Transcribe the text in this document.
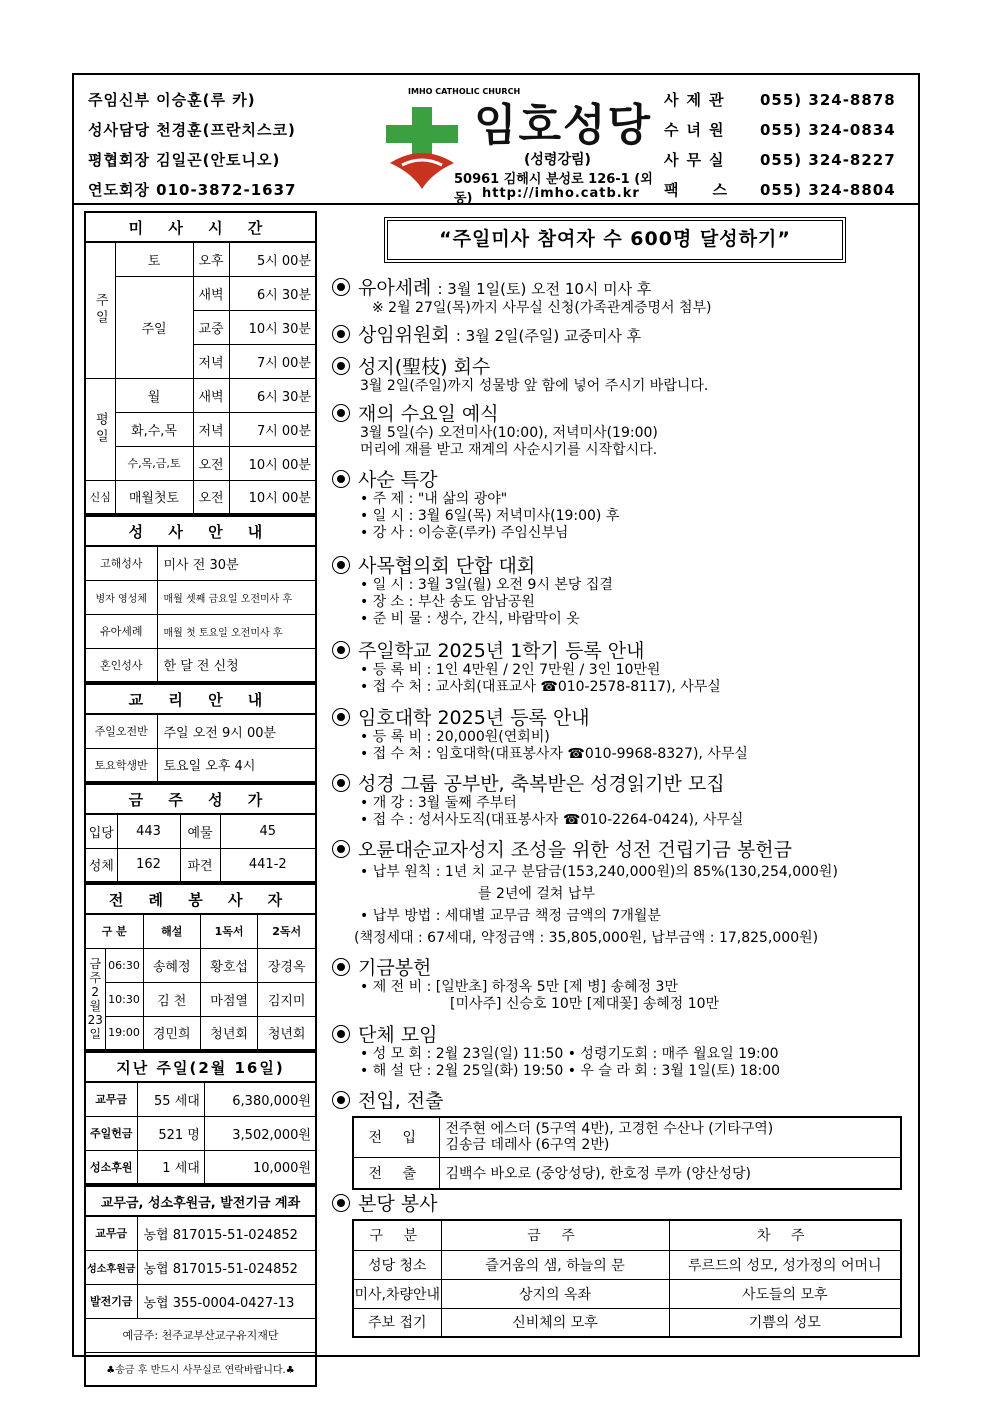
주임신부 이승훈(루 카)
성사담당 천경훈(프란치스코)
평협회장 김일곤(안토니오)
연도회장 010-3872-1637
IMHO CATHOLIC CHURCH
임호성당
(성령강림)
50961 김해시 분성로 126-1 (외동) http://imho.catb.kr
사제관	055) 324-8878
수녀원	055) 324-0834
사무실	055) 324-8227
팩스 055) 324-8804
미 사 시 간			
주일	토	오후	5시 00분
	주일	새벽	6시 30분
		교중	10시 30분
		저녁	7시 00분
평일	월	새벽	6시 30분
	화,수,목	저녁	7시 00분
	수,목,금,토	오전	10시 00분
신심	매월첫토	오전	10시 00분
성 사 안 내	
고해성사	미사 전 30분
병자 영성체	매월 셋째 금요일 오전미사 후
유아세례	매월 첫 토요일 오전미사 후
혼인성사	한 달 전 신청
교 리 안 내	
주일오전반	주일 오전 9시 00분
토요학생반	토요일 오후 4시
금 주 성 가			
입당	443	예물	45
성체	162	파견	441-2
전 례 봉 사 자				
구 분		해설	1독서	2독서
금주 2월 23일	06:30	송혜정	황호섭	장경옥
	10:30	김 천	마점열	김지미
	19:00	경민희	청년회	청년회
지난 주일(2월 16일)		
교무금	55 세대	6,380,000원
주일헌금	521 명	3,502,000원
성소후원	1 세대	10,000원
교무금, 성소후원금, 발전기금 계좌	
교무금	농협 817015-51-024852
성소후원금	농협 817015-51-024852
발전기금	농협 355-0004-0427-13
예금주: 천주교부산교구유지재단	
♣송금 후 반드시 사무실로 연락바랍니다.♣	
“주일미사 참여자 수 600명 달성하기”
유아세례 : 3월 1일(토) 오전 10시 미사 후
※ 2월 27일(목)까지 사무실 신청(가족관계증명서 첨부)
상임위원회 : 3월 2일(주일) 교중미사 후
성지(聖枝) 회수
3월 2일(주일)까지 성물방 앞 함에 넣어 주시기 바랍니다.
재의 수요일 예식
3월 5일(수) 오전미사(10:00), 저녁미사(19:00)
머리에 재를 받고 재계의 사순시기를 시작합시다.
사순 특강
• 주 제 : "내 삶의 광야"
• 일 시 : 3월 6일(목) 저녁미사(19:00) 후
• 강 사 : 이승훈(루카) 주임신부님
사목협의회 단합 대회
• 일 시 : 3월 3일(월) 오전 9시 본당 집결
• 장 소 : 부산 송도 암남공원
• 준 비 물 : 생수, 간식, 바람막이 옷
주일학교 2025년 1학기 등록 안내
• 등 록 비 : 1인 4만원 / 2인 7만원 / 3인 10만원
• 접 수 처 : 교사회(대표교사 ☎010-2578-8117), 사무실
임호대학 2025년 등록 안내
• 등 록 비 : 20,000원(연회비)
• 접 수 처 : 임호대학(대표봉사자 ☎010-9968-8327), 사무실
성경 그룹 공부반, 축복받은 성경읽기반 모집
• 개 강 : 3월 둘째 주부터
• 접 수 : 성서사도직(대표봉사자 ☎010-2264-0424), 사무실
오륜대순교자성지 조성을 위한 성전 건립기금 봉헌금
• 납부 원칙 : 1년 치 교구 분담금(153,240,000원)의 85%(130,254,000원)
를 2년에 걸쳐 납부
• 납부 방법 : 세대별 교무금 책정 금액의 7개월분
(책정세대 : 67세대, 약정금액 : 35,805,000원, 납부금액 : 17,825,000원)
기금봉헌
• 제 전 비 : [일반초] 하정옥 5만 [제 병] 송혜정 3만
[미사주] 신승호 10만 [제대꽃] 송혜정 10만
단체 모임
• 성 모 회 : 2월 23일(일) 11:50 • 성령기도회 : 매주 월요일 19:00
• 해 설 단 : 2월 25일(화) 19:50 • 우 슬 라 회 : 3월 1일(토) 18:00
전입, 전출
전 입	전주현 에스더 (5구역 4반), 고경헌 수산나 (기타구역)
김송금 데레사 (6구역 2반)

전 출	김백수 바오로 (중앙성당), 한호정 루까 (양산성당)
본당 봉사
구 분	금 주	차 주
성당 청소	즐거움의 샘, 하늘의 문	루르드의 성모, 성가정의 어머니
미사,차량안내	상지의 옥좌	사도들의 모후
주보 접기	신비체의 모후	기쁨의 성모
